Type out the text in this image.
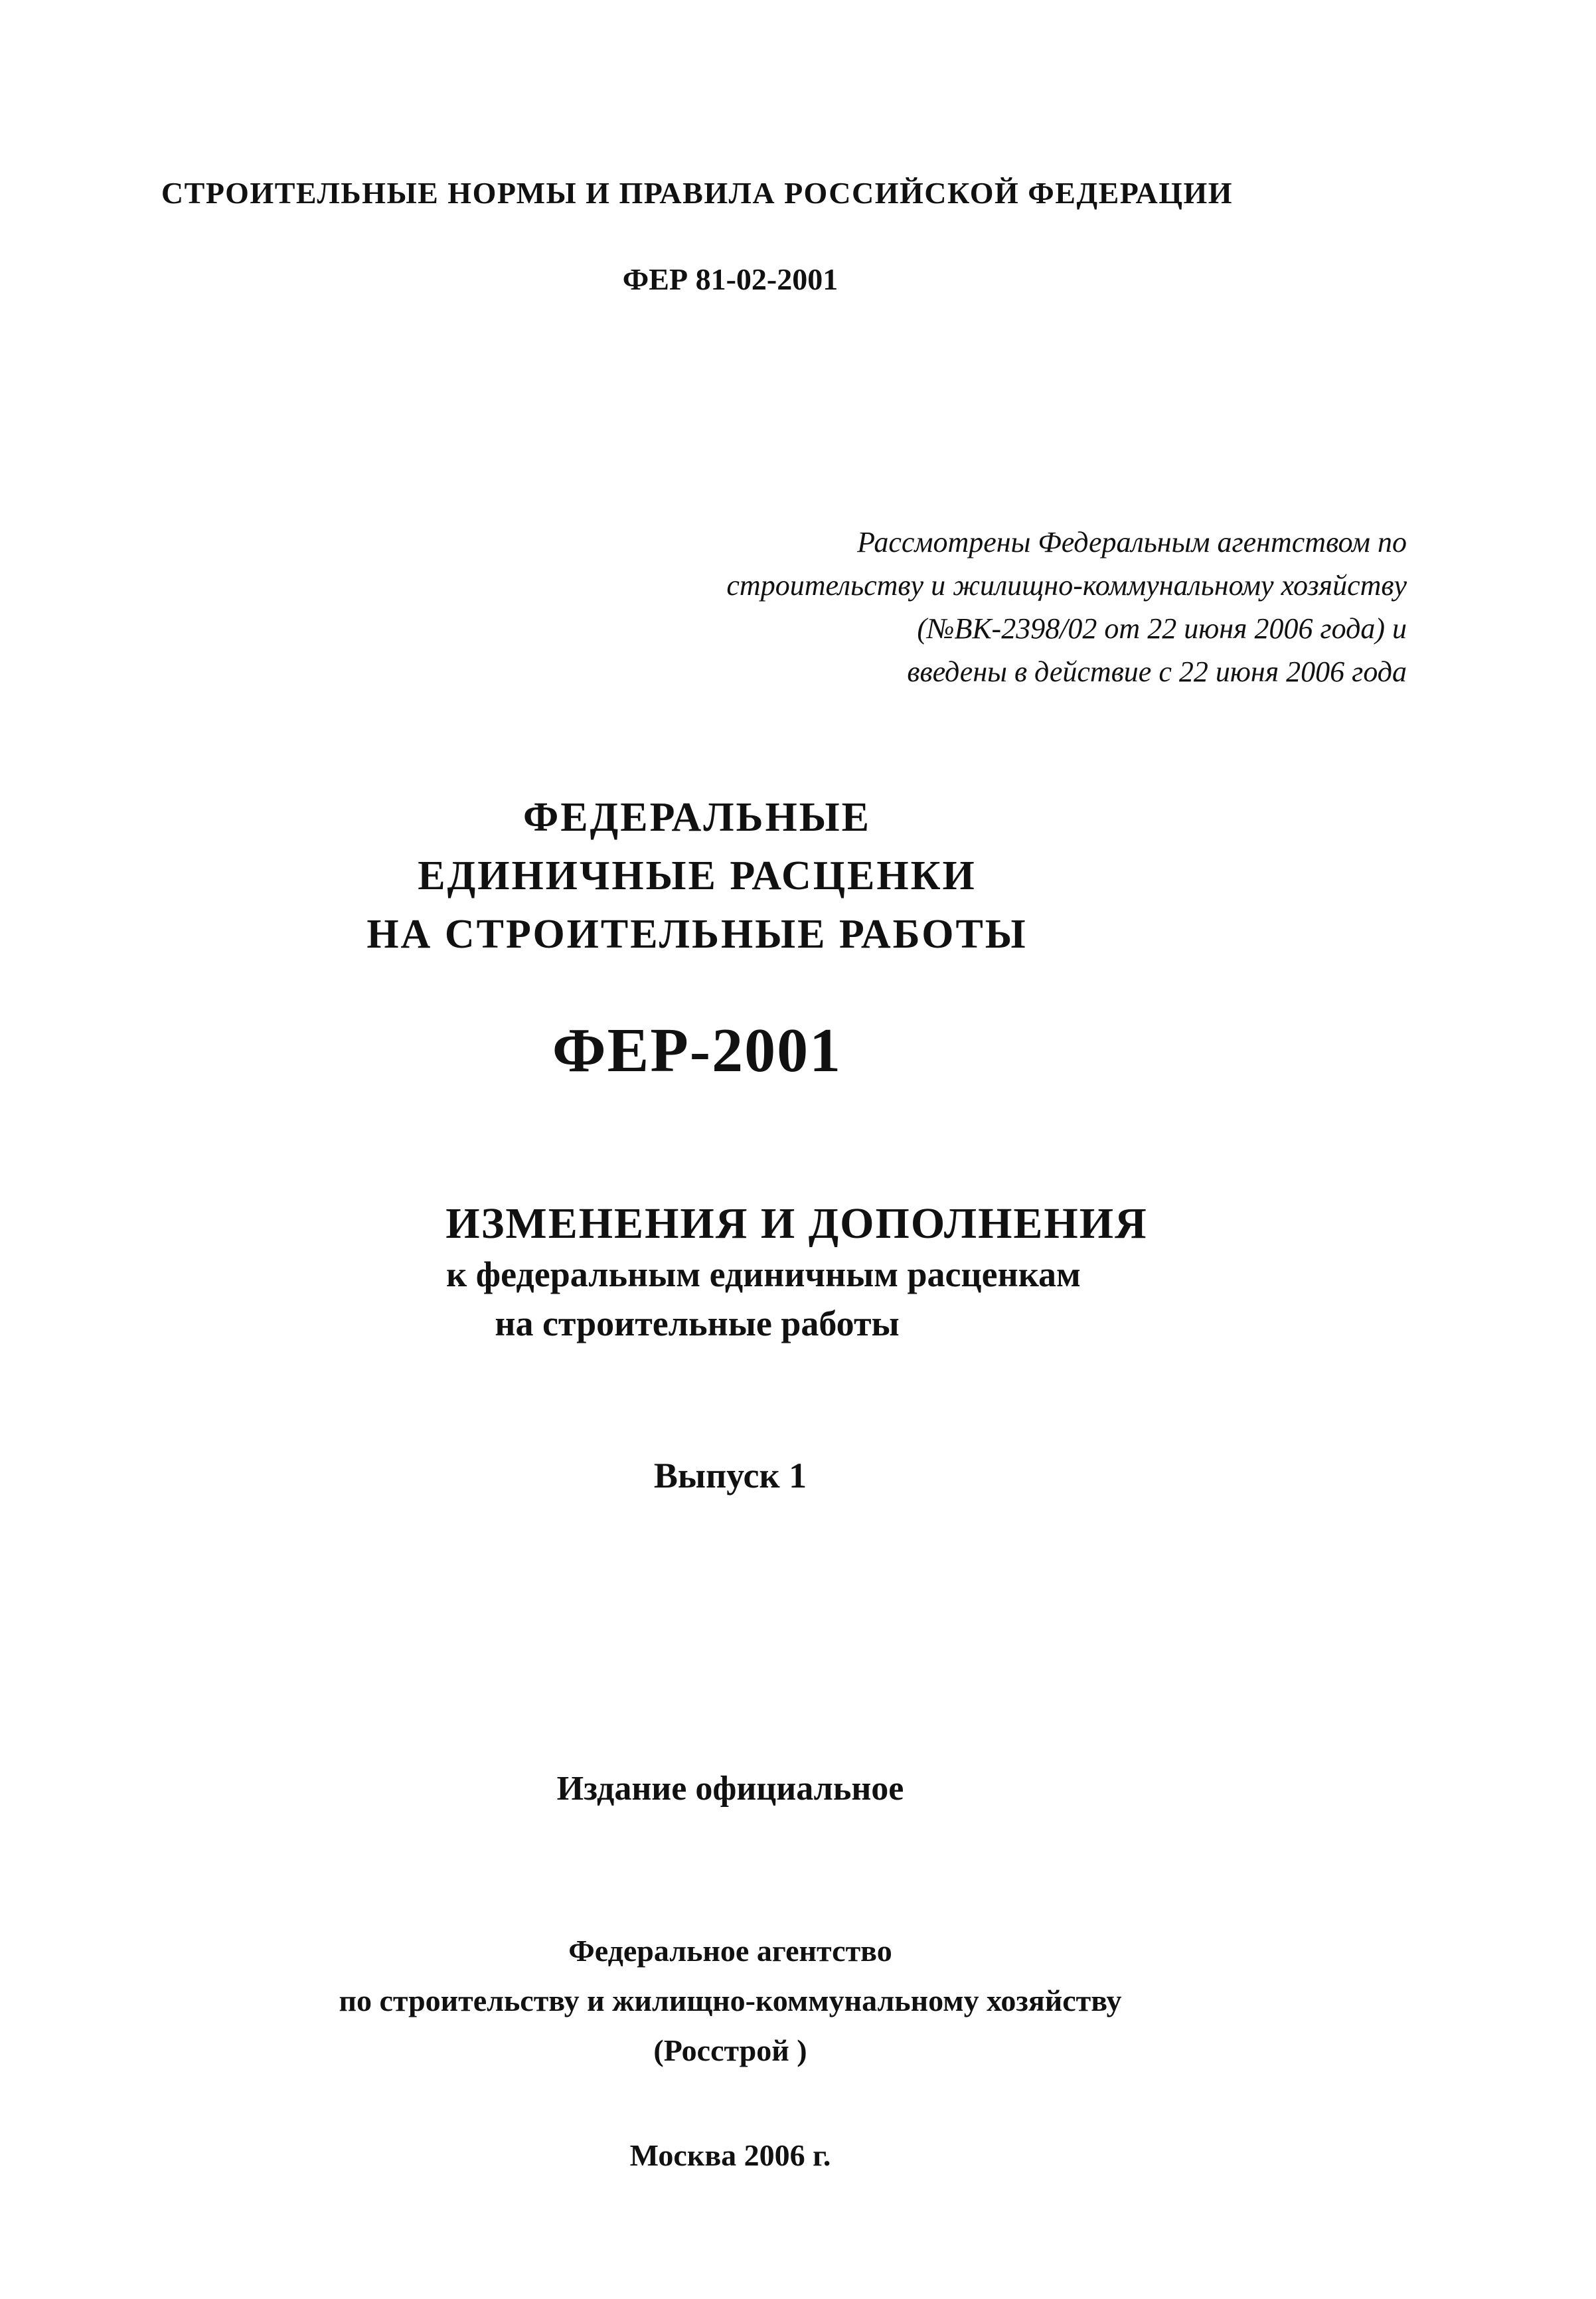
СТРОИТЕЛЬНЫЕ НОРМЫ И ПРАВИЛА РОССИЙСКОЙ ФЕДЕРАЦИИ
ФЕР 81-02-2001
Рассмотрены Федеральным агентством по
строительству и жилищно-коммунальному хозяйству
(№ВК-2398/02 от 22 июня 2006 года) и
введены в действие с 22 июня 2006 года
ФЕДЕРАЛЬНЫЕ
ЕДИНИЧНЫЕ РАСЦЕНКИ
НА СТРОИТЕЛЬНЫЕ РАБОТЫ
ФЕР-2001
ИЗМЕНЕНИЯ И ДОПОЛНЕНИЯ
к федеральным единичным расценкам
на строительные работы
Выпуск 1
Издание официальное
Федеральное агентство
по строительству и жилищно-коммунальному хозяйству
(Росстрой )
Москва 2006 г.
